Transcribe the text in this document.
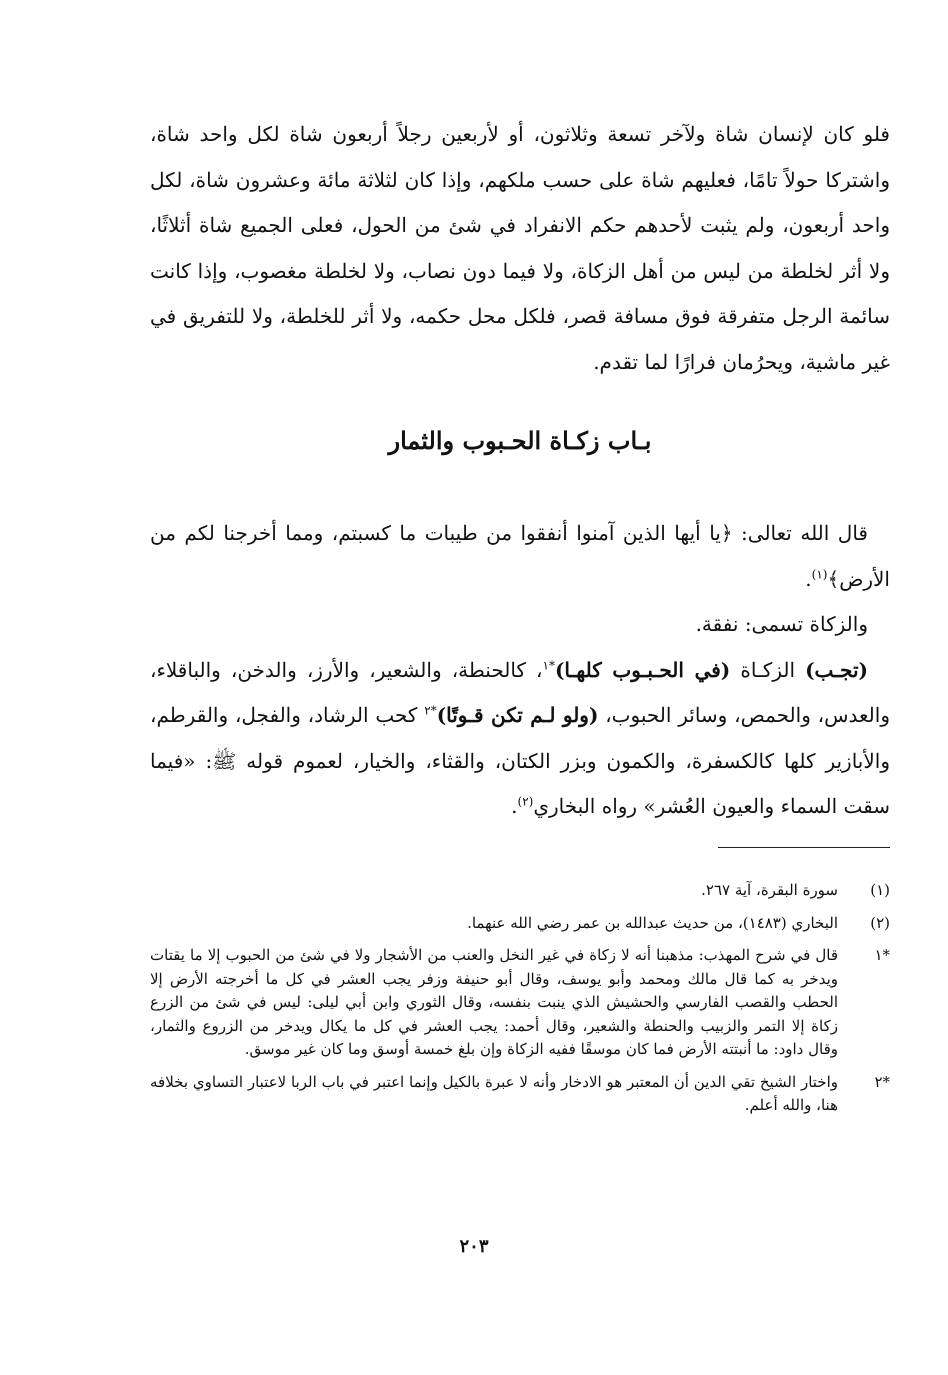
فلو كان لإنسان شاة ولآخر تسعة وثلاثون، أو لأربعين رجلاً أربعون شاة لكل واحد شاة، واشتركا حولاً تامًا، فعليهم شاة على حسب ملكهم، وإذا كان لثلاثة مائة وعشرون شاة، لكل واحد أربعون، ولم يثبت لأحدهم حكم الانفراد في شئ من الحول، فعلى الجميع شاة أثلاثًا، ولا أثر لخلطة من ليس من أهل الزكاة، ولا فيما دون نصاب، ولا لخلطة مغصوب، وإذا كانت سائمة الرجل متفرقة فوق مسافة قصر، فلكل محل حكمه، ولا أثر للخلطة، ولا للتفريق في غير ماشية، ويحرُمان فرارًا لما تقدم.
بـاب زكـاة الحـبوب والثمار

قال الله تعالى: ﴿يا أيها الذين آمنوا أنفقوا من طيبات ما كسبتم، ومما أخرجنا لكم من الأرض﴾$^{(١)}$.

والزكاة تسمى: نفقة.

(تجـب) الزكـاة (في الحـبـوب كلهـا)$^{*١}$، كالحنطة، والشعير، والأرز، والدخن، والباقلاء، والعدس، والحمص، وسائر الحبوب، (ولو لـم تكن قـوتًا)$^{*٢}$ كحب الرشاد، والفجل، والقرطم، والأبازير كلها كالكسفرة، والكمون وبزر الكتان، والقثاء، والخيار، لعموم قوله ﷺ: «فيما سقت السماء والعيون العُشر» رواه البخاري$^{(٢)}$.

(١)
سورة البقرة، آية ٢٦٧.
(٢)
البخاري (١٤٨٣)، من حديث عبدالله بن عمر رضي الله عنهما.
*١
قال في شرح المهذب: مذهبنا أنه لا زكاة في غير النخل والعنب من الأشجار ولا في شئ من الحبوب إلا ما يقتات ويدخر به كما قال مالك ومحمد وأبو يوسف، وقال أبو حنيفة وزفر يجب العشر في كل ما أخرجته الأرض إلا الحطب والقصب الفارسي والحشيش الذي ينبت بنفسه، وقال الثوري وابن أبي ليلى: ليس في شئ من الزرع زكاة إلا التمر والزبيب والحنطة والشعير، وقال أحمد: يجب العشر في كل ما يكال ويدخر من الزروع والثمار، وقال داود: ما أنبتته الأرض فما كان موسقًا ففيه الزكاة وإن بلغ خمسة أوسق وما كان غير موسق.
*٢
واختار الشيخ تقي الدين أن المعتبر هو الادخار وأنه لا عبرة بالكيل وإنما اعتبر في باب الربا لاعتبار التساوي بخلافه هنا، والله أعلم.
٢٠٣
